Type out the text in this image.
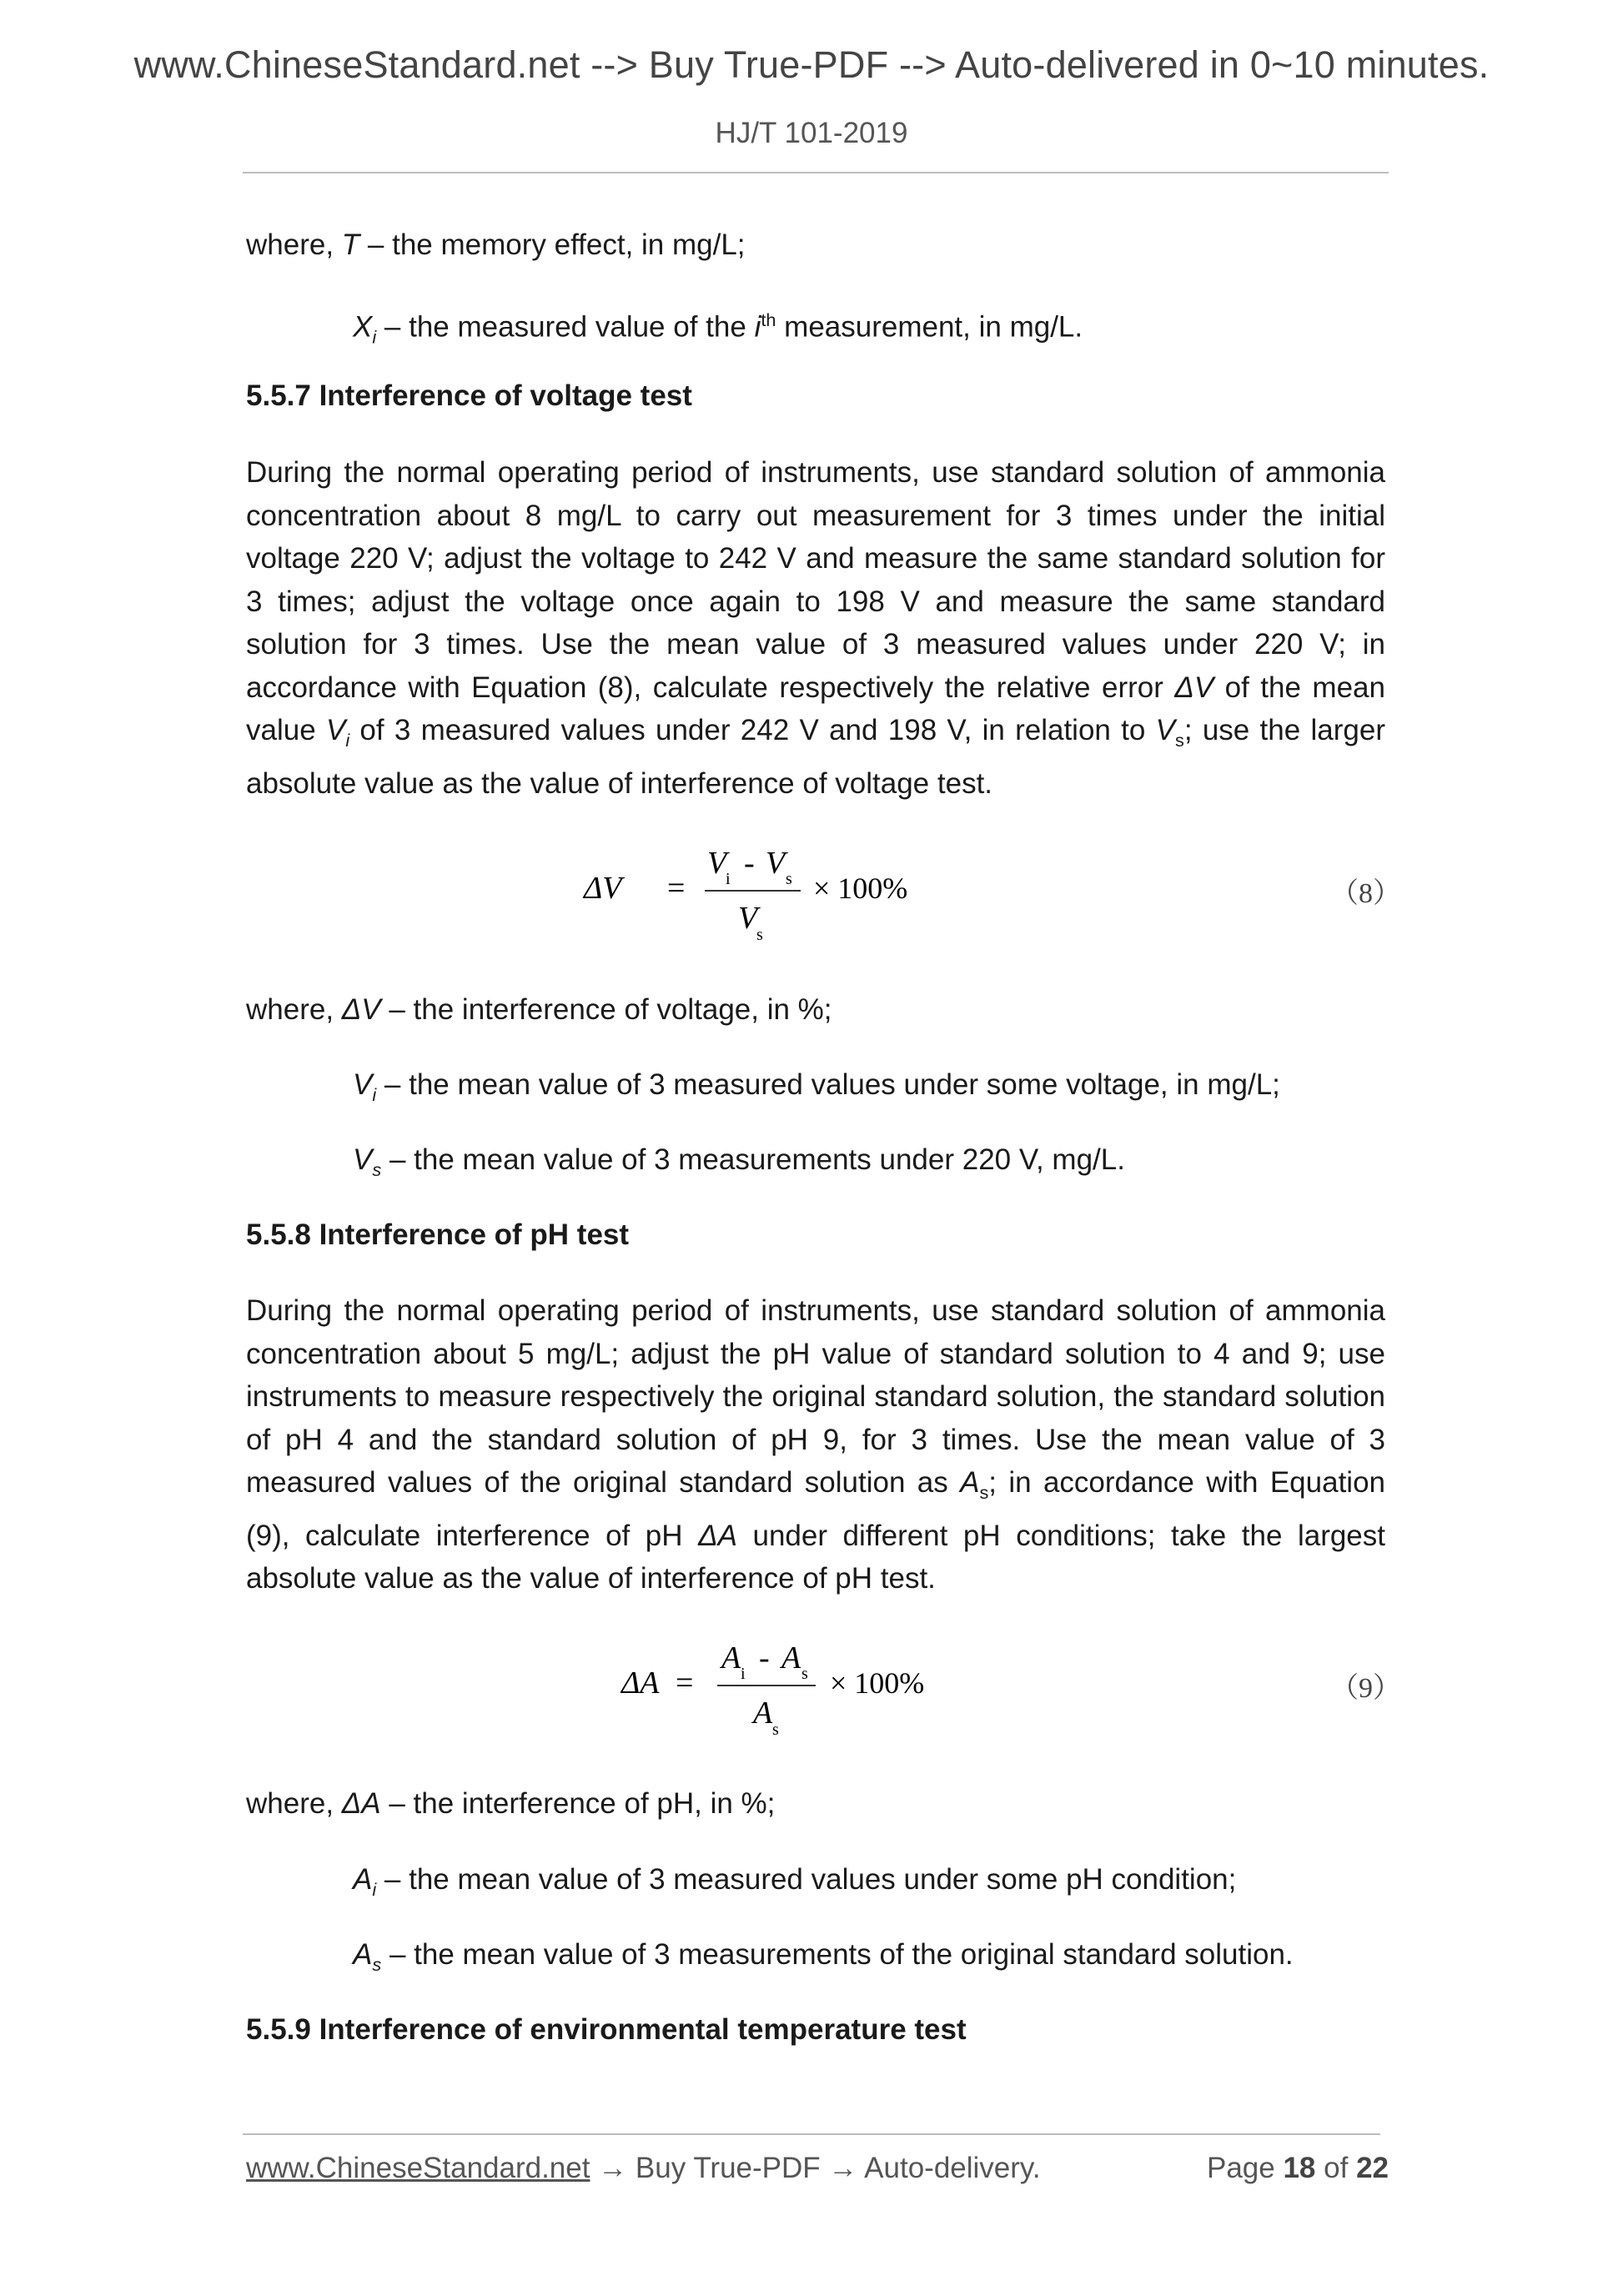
www.ChineseStandard.net --> Buy True-PDF --> Auto-delivered in 0~10 minutes.
HJ/T 101-2019

where, T – the memory effect, in mg/L;

$X_i$ – the measured value of the $i^{th}$ measurement, in mg/L.

5.5.7 Interference of voltage test

During the normal operating period of instruments, use standard solution of ammonia concentration about 8 mg/L to carry out measurement for 3 times under the initial voltage 220 V; adjust the voltage to 242 V and measure the same standard solution for 3 times; adjust the voltage once again to 198 V and measure the same standard solution for 3 times. Use the mean value of 3 measured values under 220 V; in accordance with Equation (8), calculate respectively the relative error ΔV of the mean value $V_i$ of 3 measured values under 242 V and 198 V, in relation to $V_s$; use the larger absolute value as the value of interference of voltage test.

ΔV =
V
i - V s
V
s
× 100%	（8）

where, ΔV – the interference of voltage, in %;

$V_i$ – the mean value of 3 measured values under some voltage, in mg/L;

$V_s$ – the mean value of 3 measurements under 220 V, mg/L.

5.5.8 Interference of pH test

During the normal operating period of instruments, use standard solution of ammonia concentration about 5 mg/L; adjust the pH value of standard solution to 4 and 9; use instruments to measure respectively the original standard solution, the standard solution of pH 4 and the standard solution of pH 9, for 3 times. Use the mean value of 3 measured values of the original standard solution as $A_s$; in accordance with Equation (9), calculate interference of pH ΔA under different pH conditions; take the largest absolute value as the value of interference of pH test.

ΔA =
A i - A s
A s
× 100%	（9）

where, ΔA – the interference of pH, in %;

$A_i$ – the mean value of 3 measured values under some pH condition;

$A_s$ – the mean value of 3 measurements of the original standard solution.

5.5.9 Interference of environmental temperature test

www.ChineseStandard.net → Buy True-PDF → Auto-delivery.	Page 18 of 22
